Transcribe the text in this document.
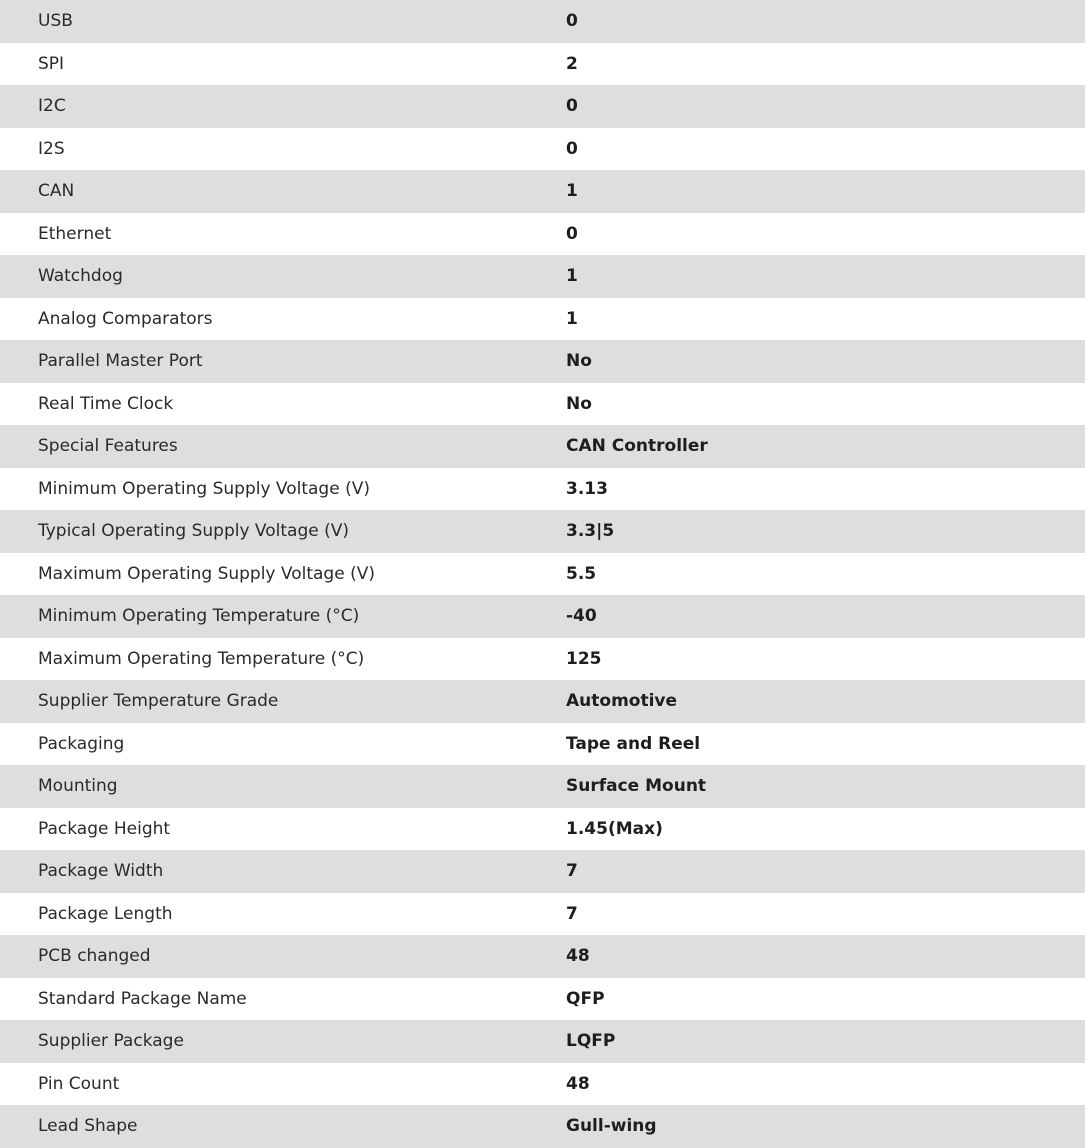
USB	0
SPI	2
I2C	0
I2S	0
CAN	1
Ethernet	0
Watchdog	1
Analog Comparators	1
Parallel Master Port	No
Real Time Clock	No
Special Features	CAN Controller
Minimum Operating Supply Voltage (V)	3.13
Typical Operating Supply Voltage (V)	3.3|5
Maximum Operating Supply Voltage (V)	5.5
Minimum Operating Temperature (°C)	-40
Maximum Operating Temperature (°C)	125
Supplier Temperature Grade	Automotive
Packaging	Tape and Reel
Mounting	Surface Mount
Package Height	1.45(Max)
Package Width	7
Package Length	7
PCB changed	48
Standard Package Name	QFP
Supplier Package	LQFP
Pin Count	48
Lead Shape	Gull-wing
